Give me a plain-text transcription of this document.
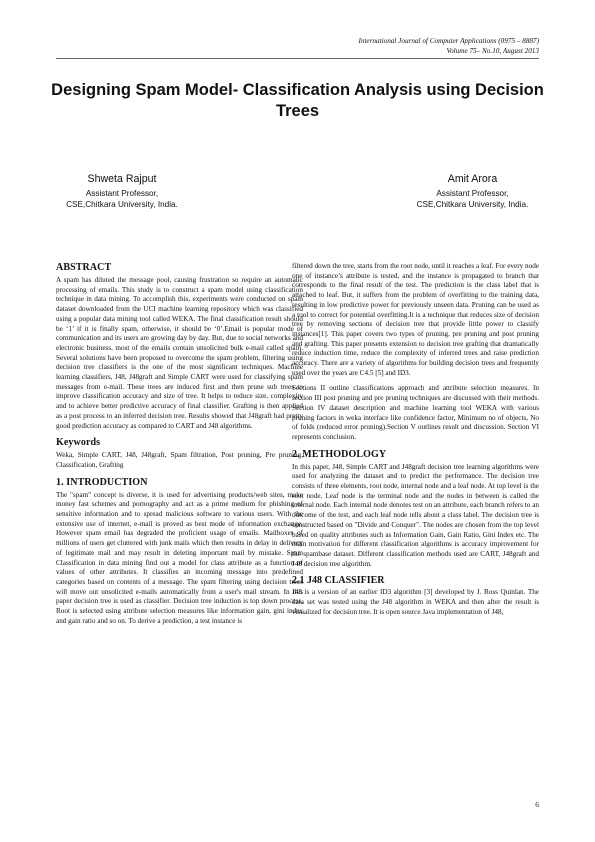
International Journal of Computer Applications (0975 – 8887)
Volume 75– No.10, August 2013
Designing Spam Model- Classification Analysis using Decision Trees
Shweta Rajput
Assistant Professor,
CSE,Chitkara University, India.
Amit Arora
Assistant Professor,
CSE,Chitkara University, India.
ABSTRACT

A spam has diluted the message pool, causing frustration so require an automatic processing of emails. This study is to construct a spam model using classification technique in data mining. To accomplish this, experiments were conducted on spam dataset downloaded from the UCI machine learning repository which was classified using a popular data mining tool called WEKA. The final classification result should be ‘1’ if it is finally spam, otherwise, it should be ‘0’.Email is popular mode of communication and its users are growing day by day. But, due to social networks and electronic business, most of the emails contain unsolicited bulk e-mail called spam. Several solutions have been proposed to overcome the spam problem, filtering using decision tree classifiers is the one of the most significant techniques. Machine learning classifiers, J48, J48graft and Simple CART were used for classifying spam messages from e-mail. These trees are induced first and then prune sub trees to improve classification accuracy and size of tree. It helps to reduce size, complexity and to achieve better predictive accuracy of final classifier. Grafting is then applied as a post process to an inferred decision tree. Results showed that J48graft had pretty good prediction accuracy as compared to CART and J48 algorithms.

Keywords

Weka, Simple CART, J48, J48graft, Spam filtration, Post pruning, Pre pruning, Classification, Grafting

1. INTRODUCTION

The "spam" concept is diverse, it is used for advertising products/web sites, make money fast schemes and pornography and act as a prime medium for phishing of sensitive information and to spread malicious software to various users. With the extensive use of internet, e-mail is proved as best mode of information exchange. However spam email has degraded the proficient usage of emails. Mailboxes of millions of users get cluttered with junk mails which then results in delay in delivery of legitimate mail and may result in deleting important mail by mistake. Spam Classification in data mining find out a model for class attribute as a function of values of other attributes. It classifies an incoming message into predefined categories based on contents of a message. The spam filtering using decision trees will move out unsolicited e-mails automatically from a user's mail stream. In this paper decision tree is used as classifier. Decision tree induction is top down process. Root is selected using attribute selection measures like information gain, gini index and gain ratio and so on. To derive a prediction, a test instance is

filtered down the tree, starts from the root node, until it reaches a leaf. For every node one of instance’s attribute is tested, and the instance is propagated to branch that corresponds to the final result of the test. The prediction is the class label that is attached to leaf. But, it suffers from the problem of overfitting to the training data, resulting in low predictive power for previously unseen data. Pruning can be used as a tool to correct for potential overfitting.It is a technique that reduces size of decision tree by removing sections of decision tree that provide little power to classify instances[1]. This paper covers two types of pruning, pre pruning and post pruning and grafting. This paper presents extension to decision tree grafting that dramatically reduce induction time, reduce the complexity of inferred trees and raise prediction accuracy. There are a variety of algorithms for building decision trees and frequently used over the years are C4.5 [5] and ID3.

Sections II outline classifications approach and attribute selection measures. In section III post pruning and pre pruning techniques are discussed with their methods. Section IV dataset description and machine learning tool WEKA with various pruning factors in weka interface like confidence factor, Minimum no of objects, No of folds (reduced error pruning).Section V outlines result and discussion. Section VI represents conclusion.

2. METHODOLOGY

In this paper, J48, Simple CART and J48graft decision tree learning algorithms were used for analyzing the dataset and to predict the performance. The decision tree consists of three elements, root node, internal node and a leaf node. At top level is the root node. Leaf node is the terminal node and the nodes in between is called the internal node. Each internal node denotes test on an attribute, each branch refers to an outcome of the test, and each leaf node tells about a class label. The decision tree is constructed based on "Divide and Conquer". The nodes are chosen from the top level based on quality attributes such as Information Gain, Gain Ratio, Gini Index etc. The main motivation for different classification algorithms is accuracy improvement for the spambase dataset. Different classification methods used are CART, J48graft and J48 decision tree algorithm.

2.1 J48 CLASSIFIER

J48 is a version of an earlier ID3 algorithm [3] developed by J. Ross Quinlan. The data set was tested using the J48 algorithm in WEKA and then after the result is visualized for decision tree. It is open source Java implementation of J48,

6
